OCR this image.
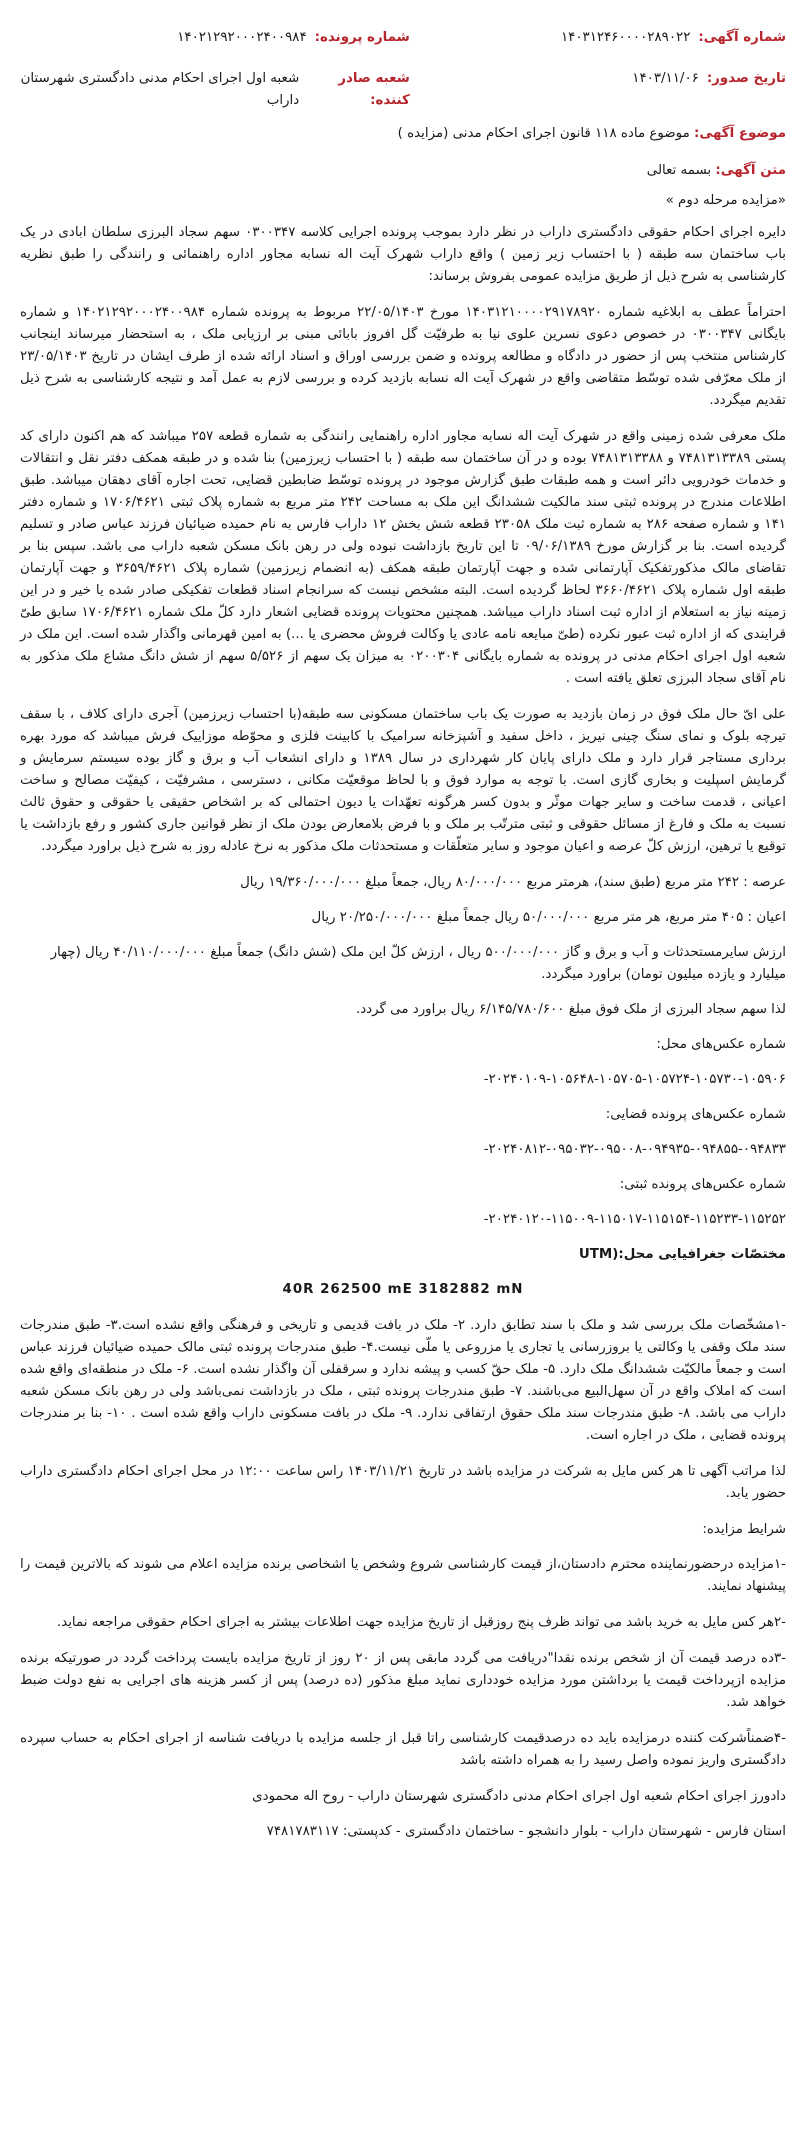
شماره آگهی:
۱۴۰۳۱۲۴۶۰۰۰۰۲۸۹۰۲۲
شماره پرونده:
۱۴۰۲۱۲۹۲۰۰۰۲۴۰۰۹۸۴
تاریخ صدور:
۱۴۰۳/۱۱/۰۶
شعبه صادر کننده:
شعبه اول اجرای احکام مدنی دادگستری شهرستان داراب
موضوع آگهی: موضوع ماده ۱۱۸ قانون اجرای احکام مدنی (مزایده )
متن آگهی: بسمه تعالی
«مزایده مرحله دوم »

دایره اجرای احکام حقوقی دادگستری داراب در نظر دارد بموجب پرونده اجرایی کلاسه ۰۳۰۰۳۴۷ سهم سجاد البرزی سلطان ابادی در یک باب ساختمان سه طبقه ( با احتساب زیر زمین ) واقع داراب شهرک آیت اله نسابه مجاور اداره راهنمائی و رانندگی را طبق نظریه کارشناسی به شرح ذیل از طریق مزایده عمومی بفروش برساند:

احتراماً عطف به ابلاغیه شماره ۱۴۰۳۱۲۱۰۰۰۰۲۹۱۷۸۹۲۰ مورخ ۲۲/۰۵/۱۴۰۳ مربوط به پرونده شماره ۱۴۰۲۱۲۹۲۰۰۰۲۴۰۰۹۸۴ و شماره بایگانی ۰۳۰۰۳۴۷ در خصوص دعوی نسرین علوی نیا به طرفیّت گل افروز بابائی مبنی بر ارزیابی ملک ، به استحضار میرساند اینجانب کارشناس منتخب پس از حضور در دادگاه و مطالعه پرونده و ضمن بررسی اوراق و اسناد ارائه شده از طرف ایشان در تاریخ ۲۳/۰۵/۱۴۰۳ از ملک معرّفی شده توسّط متقاضی واقع در شهرک آیت اله نسابه بازدید کرده و بررسی لازم به عمل آمد و نتیجه کارشناسی به شرح ذیل تقدیم میگردد.

ملک معرفی شده زمینی واقع در شهرک آیت اله نسابه مجاور اداره راهنمایی رانندگی به شماره قطعه ۲۵۷ میباشد که هم اکنون دارای کد پستی ۷۴۸۱۳۱۳۳۸۹ و ۷۴۸۱۳۱۳۳۸۸ بوده و در آن ساختمان سه طبقه ( با احتساب زیرزمین) بنا شده و در طبقه همکف دفتر نقل و انتقالات و خدمات خودرویی دائر است و همه طبقات طبق گزارش موجود در پرونده توسّط ضابطین قضایی، تحت اجاره آقای دهقان میباشد. طبق اطلاعات مندرج در پرونده ثبتی سند مالکیت ششدانگ این ملک به مساحت ۲۴۲ متر مربع به شماره پلاک ثبتی ۱۷۰۶/۴۶۲۱ و شماره دفتر ۱۴۱ و شماره صفحه ۲۸۶ به شماره ثبت ملک ۲۳۰۵۸ قطعه شش بخش ۱۲ داراب فارس به نام حمیده ضیائیان فرزند عباس صادر و تسلیم گردیده است. بنا بر گزارش مورخ ۰۹/۰۶/۱۳۸۹ تا این تاریخ بازداشت نبوده ولی در رهن بانک مسکن شعبه داراب می باشد. سپس بنا بر تقاضای مالک مذکورتفکیک آپارتمانی شده و جهت آپارتمان طبقه همکف (به انضمام زیرزمین) شماره پلاک ۳۶۵۹/۴۶۲۱ و جهت آپارتمان طبقه اول شماره پلاک ۳۶۶۰/۴۶۲۱ لحاظ گردیده است. البته مشخص نیست که سرانجام اسناد قطعات تفکیکی صادر شده یا خیر و در این زمینه نیاز به استعلام از اداره ثبت اسناد داراب میباشد. همچنین محتویات پرونده قضایی اشعار دارد کلّ ملک شماره ۱۷۰۶/۴۶۲۱ سابق طیّ قرایندی که از اداره ثبت عبور نکرده (طیّ مبایعه نامه عادی یا وکالت فروش محضری یا ...) به امین قهرمانی واگذار شده است. این ملک در شعبه اول اجرای احکام مدنی در پرونده به شماره بایگانی ۰۲۰۰۳۰۴ به میزان یک سهم از ۵/۵۲۶ سهم از شش دانگ مشاع ملک مذکور به نام آقای سجاد البرزی تعلق یافته است .

علی ایّ حال ملک فوق در زمان بازدید به صورت یک باب ساختمان مسکونی سه طبقه(با احتساب زیرزمین) آجری دارای کلاف ، با سقف تیرچه بلوک و نمای سنگ چینی نیریز ، داخل سفید و آشپزخانه سرامیک با کابینت فلزی و محوّطه موزاییک فرش میباشد که مورد بهره برداری مستاجر قرار دارد و ملک دارای پایان کار شهرداری در سال ۱۳۸۹ و دارای انشعاب آب و برق و گاز بوده سیستم سرمایش و گرمایش اسپلیت و بخاری گازی است. با توجه به موارد فوق و با لحاظ موقعیّت مکانی ، دسترسی ، مشرفیّت ، کیفیّت مصالح و ساخت اعیانی ، قدمت ساخت و سایر جهات موثّر و بدون کسر هرگونه تعهّدات یا دیون احتمالی که بر اشخاص حقیقی یا حقوقی و حقوق ثالث نسبت به ملک و فارغ از مسائل حقوقی و ثبتی مترتّب بر ملک و با فرض بلامعارض بودن ملک از نظر قوانین جاری کشور و رفع بازداشت یا توقیع یا ترهین، ارزش کلّ عرصه و اعیان موجود و سایر متعلّقات و مستحدثات ملک مذکور به نرخ عادله روز به شرح ذیل براورد میگردد.

عرصه : ۲۴۲ متر مربع (طبق سند)، هرمتر مربع ۸۰/۰۰۰/۰۰۰ ریال، جمعاً مبلغ ۱۹/۳۶۰/۰۰۰/۰۰۰ ریال
اعیان : ۴۰۵ متر مربع، هر متر مربع ۵۰/۰۰۰/۰۰۰ ریال جمعاً مبلغ ۲۰/۲۵۰/۰۰۰/۰۰۰ ریال
ارزش سایرمستحدثات و آب و برق و گاز ۵۰۰/۰۰۰/۰۰۰ ریال ، ارزش کلّ این ملک (شش دانگ) جمعاً مبلغ ۴۰/۱۱۰/۰۰۰/۰۰۰ ریال (چهار میلیارد و یازده میلیون تومان) براورد میگردد.
لذا سهم سجاد البرزی از ملک فوق مبلغ ۶/۱۴۵/۷۸۰/۶۰۰ ریال براورد می گردد.
شماره عکس‌های محل:
۲۰۲۴۰۱۰۹-۱۰۵۶۴۸-۱۰۵۷۰۵-۱۰۵۷۲۴-۱۰۵۷۳۰-۱۰۵۹۰۶-
شماره عکس‌های پرونده قضایی:
۲۰۲۴۰۸۱۲-۰۹۵۰۳۲-۰۹۵۰۰۸-۰۹۴۹۳۵-۰۹۴۸۵۵-۰۹۴۸۳۳-
شماره عکس‌های پرونده ثبتی:
۲۰۲۴۰۱۲۰-۱۱۵۰۰۹-۱۱۵۰۱۷-۱۱۵۱۵۴-۱۱۵۲۳۳-۱۱۵۲۵۲-
مختصّات جغرافیایی محل:(UTM
40R 262500 mE 3182882 mN

-۱مشخّصات ملک بررسی شد و ملک با سند تطابق دارد. ۲- ملک در بافت قدیمی و تاریخی و فرهنگی واقع نشده است.۳- طبق مندرجات سند ملک وقفی یا وکالتی یا بروزرسانی یا تجاری یا مزروعی یا ملّی نیست.۴- طبق مندرجات پرونده ثبتی مالک حمیده ضیائیان فرزند عباس است و جمعاً مالکیّت ششدانگ ملک دارد. ۵- ملک حقّ کسب و پیشه ندارد و سرقفلی آن واگذار نشده است. ۶- ملک در منطقه‌ای واقع شده است که املاک واقع در آن سهل‌البیع می‌باشند. ۷- طبق مندرجات پرونده ثبتی ، ملک در بازداشت نمی‌باشد ولی در رهن بانک مسکن شعبه داراب می باشد. ۸- طبق مندرجات سند ملک حقوق ارتفاقی ندارد. ۹- ملک در بافت مسکونی داراب واقع شده است . ۱۰- بنا بر مندرجات پرونده قضایی ، ملک در اجاره است.

لذا مراتب آگهی تا هر کس مایل به شرکت در مزایده باشد در تاریخ ۱۴۰۳/۱۱/۲۱ راس ساعت ۱۲:۰۰ در محل اجرای احکام دادگستری داراب حضور یابد.

شرایط مزایده:

-۱مزایده درحضورنماینده محترم دادستان،از قیمت کارشناسی شروع وشخص یا اشخاصی برنده مزایده اعلام می شوند که بالاترین قیمت را پیشنهاد نمایند.

-۲هر کس مایل به خرید باشد می تواند ظرف پنج روزقبل از تاریخ مزایده جهت اطلاعات بیشتر به اجرای احکام حقوقی مراجعه نماید.

-۳ده درصد قیمت آن از شخص برنده نقدا"دریافت می گردد مابقی پس از ۲۰ روز از تاریخ مزایده بایست پرداخت گردد در صورتیکه برنده مزایده ازپرداخت قیمت یا برداشتن مورد مزایده خودداری نماید مبلغ مذکور (ده درصد) پس از کسر هزینه های اجرایی به نفع دولت ضبط خواهد شد.

-۴ضمناًشرکت کننده درمزایده باید ده درصدقیمت کارشناسی راتا قبل از جلسه مزایده با دریافت شناسه از اجرای احکام به حساب سپرده دادگستری واریز نموده واصل رسید را به همراه داشته باشد

دادورز اجرای احکام شعبه اول اجرای احکام مدنی دادگستری شهرستان داراب - روح اله محمودی
استان فارس - شهرستان داراب - بلوار دانشجو - ساختمان دادگستری - کدپستی: ۷۴۸۱۷۸۳۱۱۷
